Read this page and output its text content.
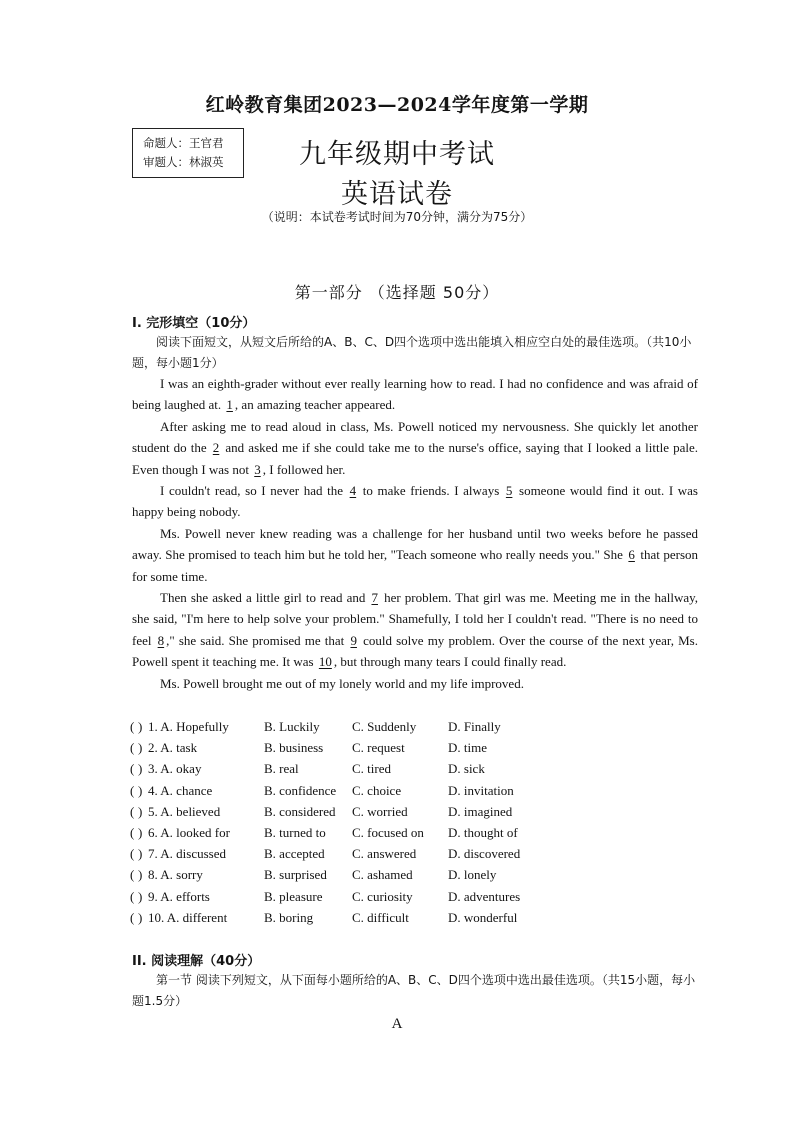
红岭教育集团2023—2024学年度第一学期
命题人：王官君
审题人：林淑英	九年级期中考试
英语试卷
（说明：本试卷考试时间为70分钟，满分为75分）
第一部分 （选择题 50分）
I. 完形填空（10分）
阅读下面短文，从短文后所给的A、B、C、D四个选项中选出能填入相应空白处的最佳选项。（共10小题，每小题1分）

I was an eighth-grader without ever really learning how to read. I had no confidence and was afraid of being laughed at. 1 , an amazing teacher appeared.

After asking me to read aloud in class, Ms. Powell noticed my nervousness. She quickly let another student do the 2 and asked me if she could take me to the nurse's office, saying that I looked a little pale. Even though I was not 3 , I followed her.

I couldn't read, so I never had the 4 to make friends. I always 5 someone would find it out. I was happy being nobody.

Ms. Powell never knew reading was a challenge for her husband until two weeks before he passed away. She promised to teach him but he told her, "Teach someone who really needs you." She 6 that person for some time.

Then she asked a little girl to read and 7 her problem. That girl was me. Meeting me in the hallway, she said, "I'm here to help solve your problem." Shamefully, I told her I couldn't read. "There is no need to feel 8 ," she said. She promised me that 9 could solve my problem. Over the course of the next year, Ms. Powell spent it teaching me. It was 10 , but through many tears I could finally read.

Ms. Powell brought me out of my lonely world and my life improved.

( ) 1. A. Hopefully	B. Luckily C. Suddenly D. Finally
( ) 2. A. task	B. business C. request	D. time
( ) 3. A. okay	B. real	C. tired	D. sick
( ) 4. A. chance	B. confidence C. choice	D. invitation
( ) 5. A. believed	B. considered C. worried	D. imagined
( ) 6. A. looked for	B. turned to C. focused on D. thought of
( ) 7. A. discussed	B. accepted C. answered D. discovered
( ) 8. A. sorry	B. surprised C. ashamed	D. lonely
( ) 9. A. efforts	B. pleasure C. curiosity	D. adventures
( ) 10. A. different	B. boring	C. difficult	D. wonderful
II. 阅读理解（40分）
第一节 阅读下列短文，从下面每小题所给的A、B、C、D四个选项中选出最佳选项。（共15小题，每小题1.5分）
A
